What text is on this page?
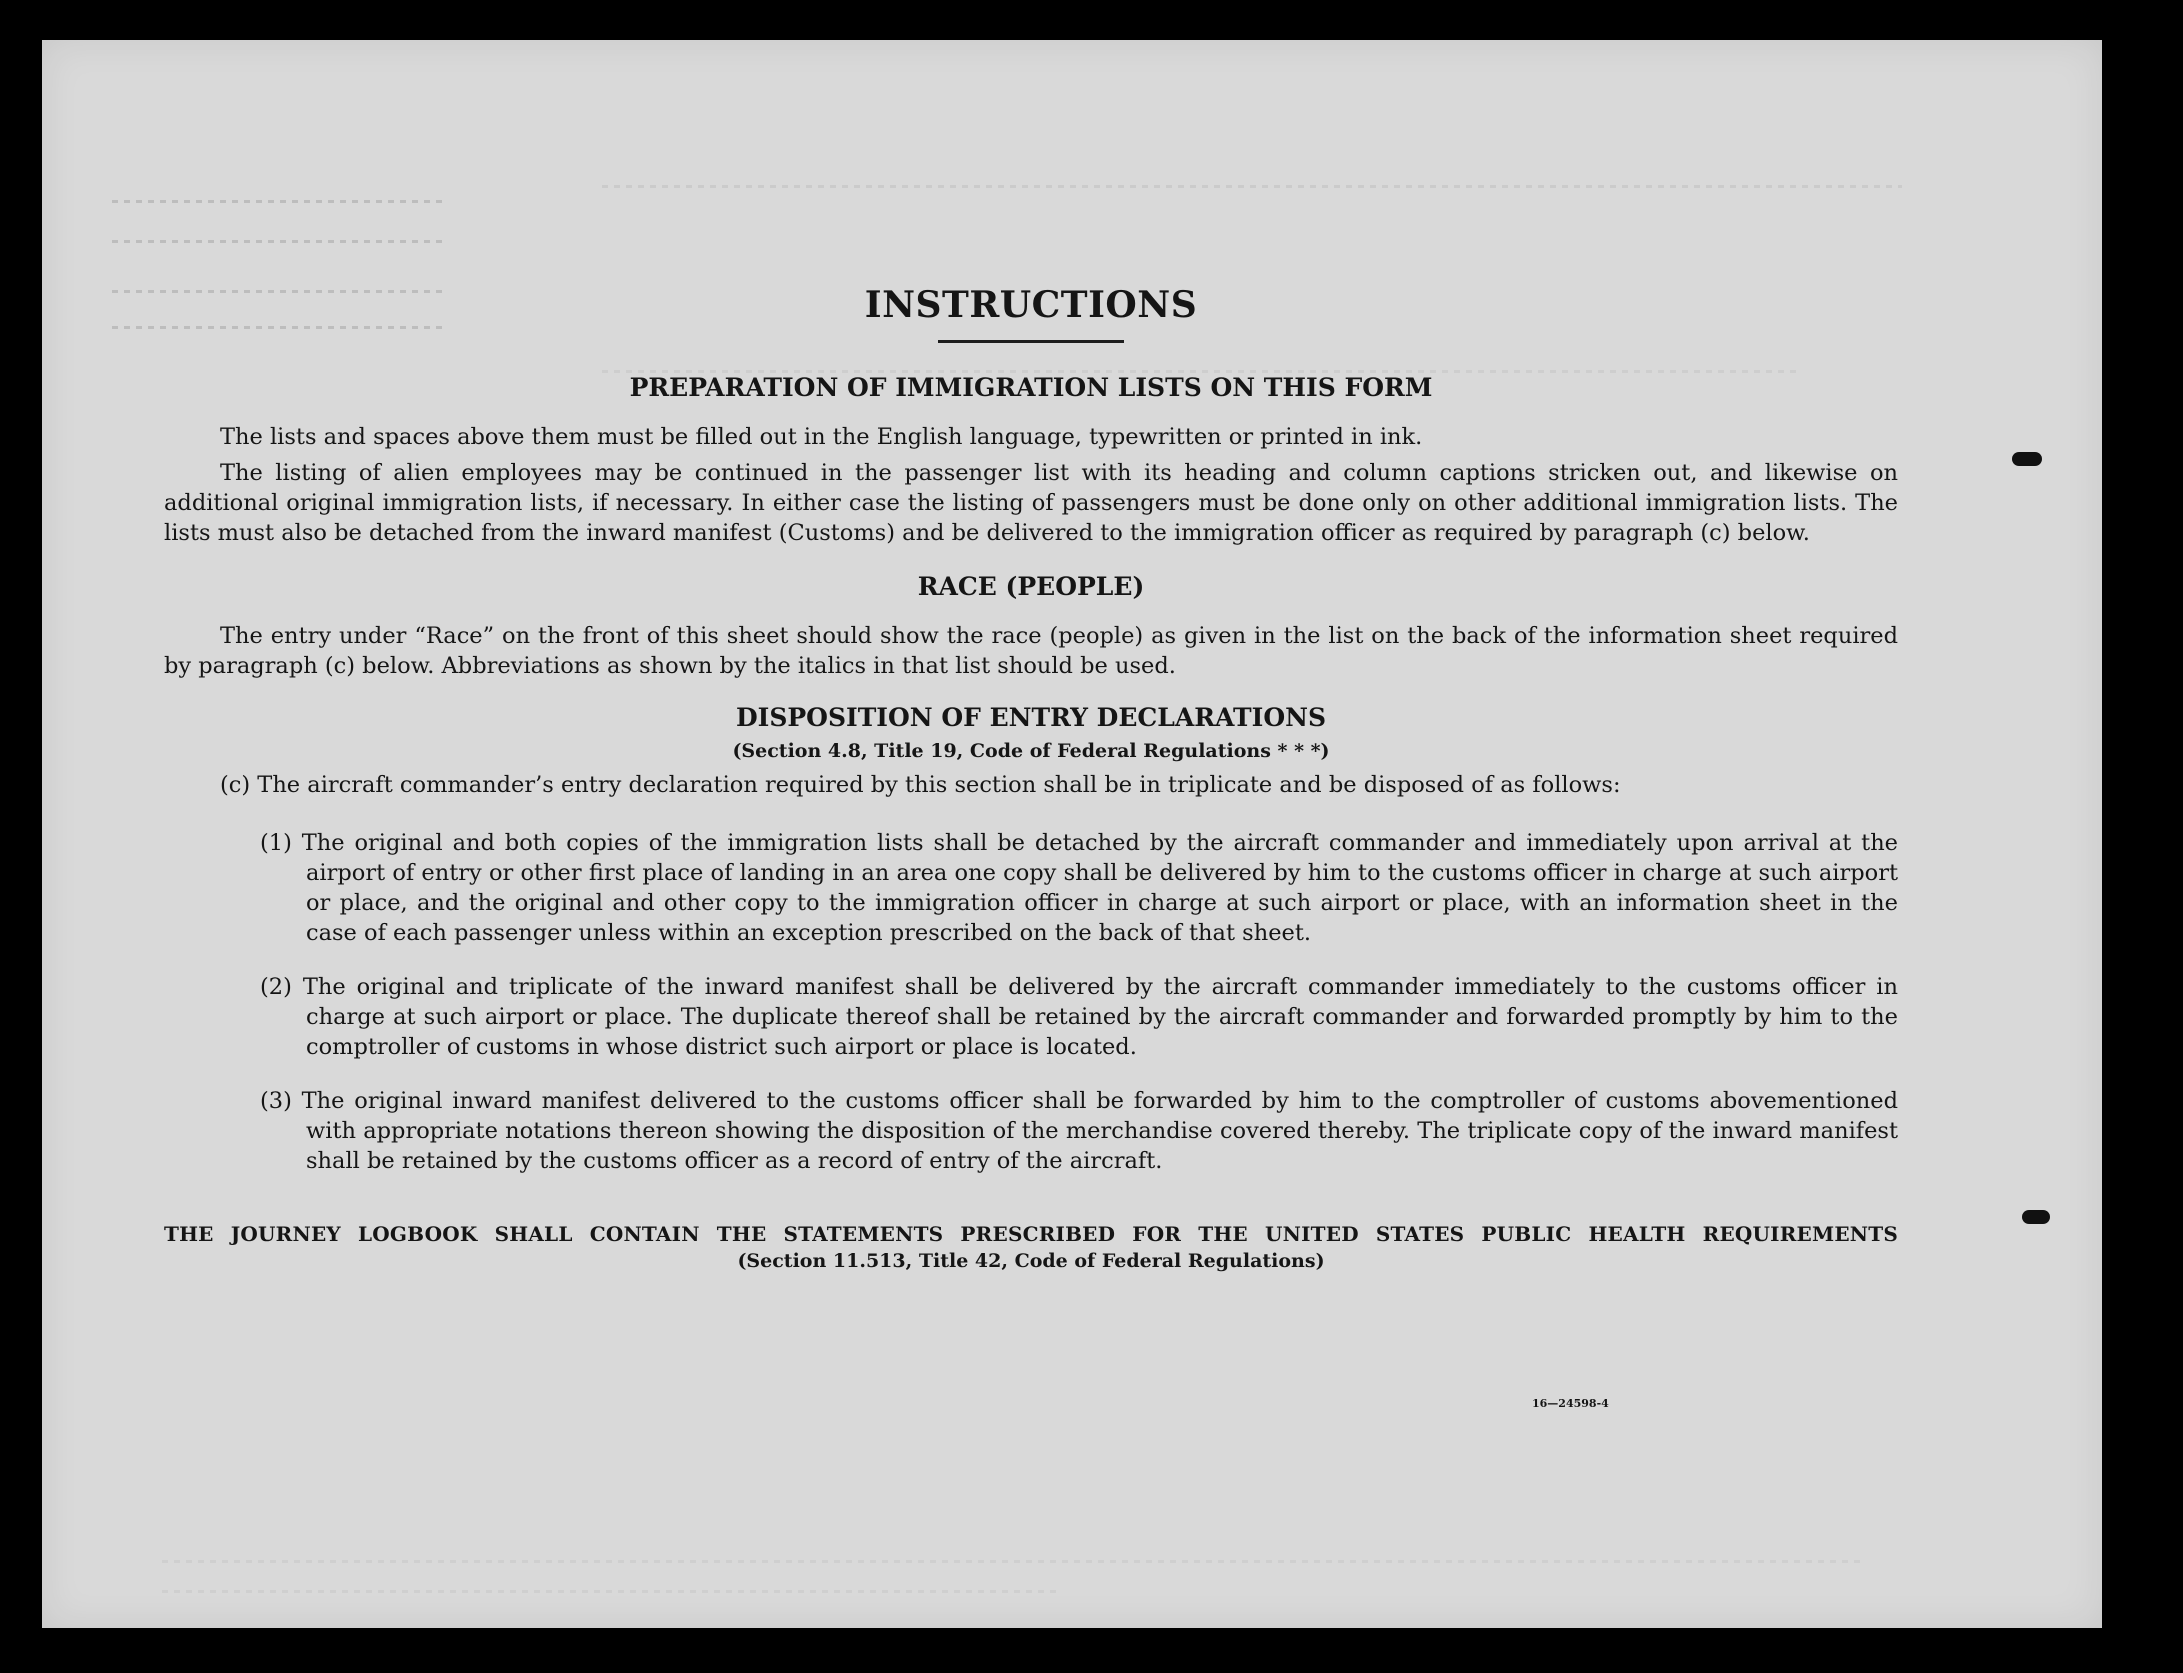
INSTRUCTIONS
PREPARATION OF IMMIGRATION LISTS ON THIS FORM

The lists and spaces above them must be filled out in the English language, typewritten or printed in ink.

The listing of alien employees may be continued in the passenger list with its heading and column captions stricken out, and likewise on additional original immigration lists, if necessary. In either case the listing of passengers must be done only on other additional immigration lists. The lists must also be detached from the inward manifest (Customs) and be delivered to the immigration officer as required by paragraph (c) below.

RACE (PEOPLE)

The entry under “Race” on the front of this sheet should show the race (people) as given in the list on the back of the information sheet required by paragraph (c) below. Abbreviations as shown by the italics in that list should be used.

DISPOSITION OF ENTRY DECLARATIONS
(Section 4.8, Title 19, Code of Federal Regulations * * *)
(c) The aircraft commander’s entry declaration required by this section shall be in triplicate and be disposed of as follows:
(1) The original and both copies of the immigration lists shall be detached by the aircraft commander and immediately upon arrival at the airport of entry or other first place of landing in an area one copy shall be delivered by him to the customs officer in charge at such airport or place, and the original and other copy to the immigration officer in charge at such airport or place, with an information sheet in the case of each passenger unless within an exception prescribed on the back of that sheet.
(2) The original and triplicate of the inward manifest shall be delivered by the aircraft commander immediately to the customs officer in charge at such airport or place. The duplicate thereof shall be retained by the aircraft commander and forwarded promptly by him to the comptroller of customs in whose district such airport or place is located.
(3) The original inward manifest delivered to the customs officer shall be forwarded by him to the comptroller of customs abovementioned with appropriate notations thereon showing the disposition of the merchandise covered thereby. The triplicate copy of the inward manifest shall be retained by the customs officer as a record of entry of the aircraft.
THE JOURNEY LOGBOOK SHALL CONTAIN THE STATEMENTS PRESCRIBED FOR THE UNITED STATES PUBLIC HEALTH REQUIREMENTS
(Section 11.513, Title 42, Code of Federal Regulations)
16—24598-4
